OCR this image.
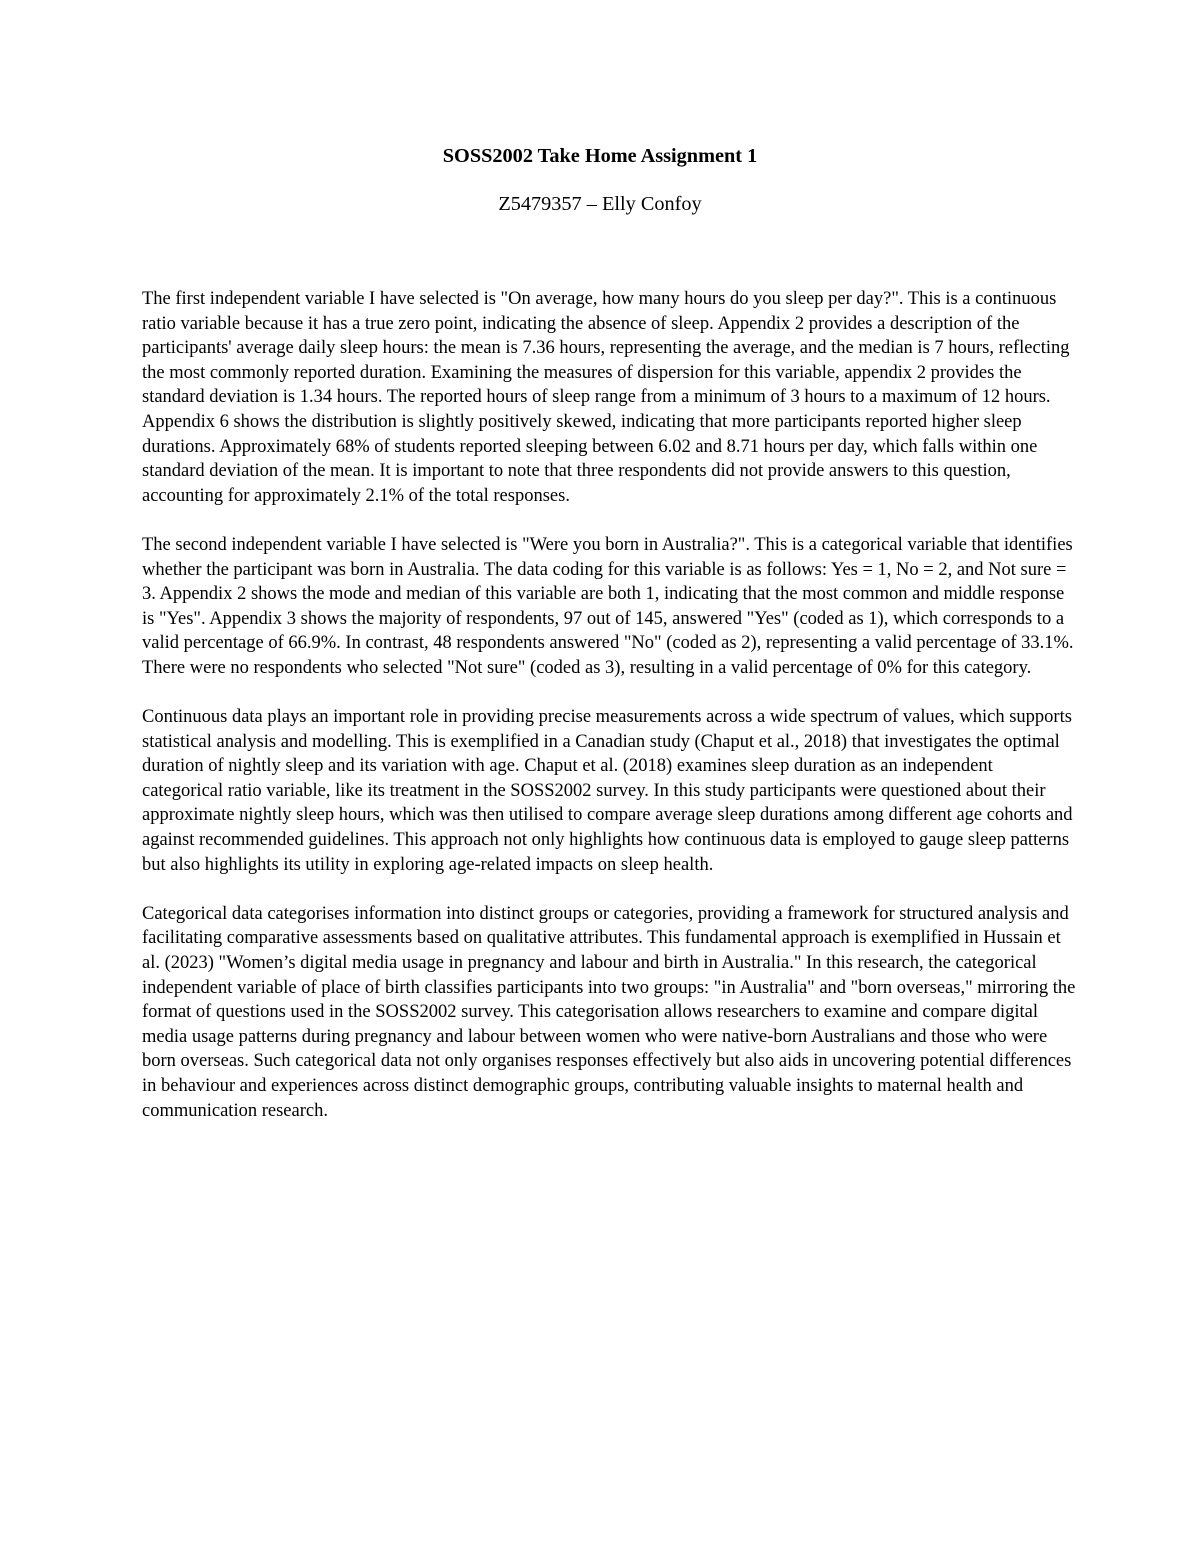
SOSS2002 Take Home Assignment 1

Z5479357 – Elly Confoy

The first independent variable I have selected is "On average, how many hours do you sleep per day?". This is a continuous ratio variable because it has a true zero point, indicating the absence of sleep. Appendix 2 provides a description of the participants' average daily sleep hours: the mean is 7.36 hours, representing the average, and the median is 7 hours, reflecting the most commonly reported duration. Examining the measures of dispersion for this variable, appendix 2 provides the standard deviation is 1.34 hours. The reported hours of sleep range from a minimum of 3 hours to a maximum of 12 hours. Appendix 6 shows the distribution is slightly positively skewed, indicating that more participants reported higher sleep durations. Approximately 68% of students reported sleeping between 6.02 and 8.71 hours per day, which falls within one standard deviation of the mean. It is important to note that three respondents did not provide answers to this question, accounting for approximately 2.1% of the total responses.

The second independent variable I have selected is "Were you born in Australia?". This is a categorical variable that identifies whether the participant was born in Australia. The data coding for this variable is as follows: Yes = 1, No = 2, and Not sure = 3. Appendix 2 shows the mode and median of this variable are both 1, indicating that the most common and middle response is "Yes". Appendix 3 shows the majority of respondents, 97 out of 145, answered "Yes" (coded as 1), which corresponds to a valid percentage of 66.9%. In contrast, 48 respondents answered "No" (coded as 2), representing a valid percentage of 33.1%. There were no respondents who selected "Not sure" (coded as 3), resulting in a valid percentage of 0% for this category.

Continuous data plays an important role in providing precise measurements across a wide spectrum of values, which supports statistical analysis and modelling. This is exemplified in a Canadian study (Chaput et al., 2018) that investigates the optimal duration of nightly sleep and its variation with age. Chaput et al. (2018) examines sleep duration as an independent categorical ratio variable, like its treatment in the SOSS2002 survey. In this study participants were questioned about their approximate nightly sleep hours, which was then utilised to compare average sleep durations among different age cohorts and against recommended guidelines. This approach not only highlights how continuous data is employed to gauge sleep patterns but also highlights its utility in exploring age-related impacts on sleep health.

Categorical data categorises information into distinct groups or categories, providing a framework for structured analysis and facilitating comparative assessments based on qualitative attributes. This fundamental approach is exemplified in Hussain et al. (2023) "Women’s digital media usage in pregnancy and labour and birth in Australia." In this research, the categorical independent variable of place of birth classifies participants into two groups: "in Australia" and "born overseas," mirroring the format of questions used in the SOSS2002 survey. This categorisation allows researchers to examine and compare digital media usage patterns during pregnancy and labour between women who were native-born Australians and those who were born overseas. Such categorical data not only organises responses effectively but also aids in uncovering potential differences in behaviour and experiences across distinct demographic groups, contributing valuable insights to maternal health and communication research.
